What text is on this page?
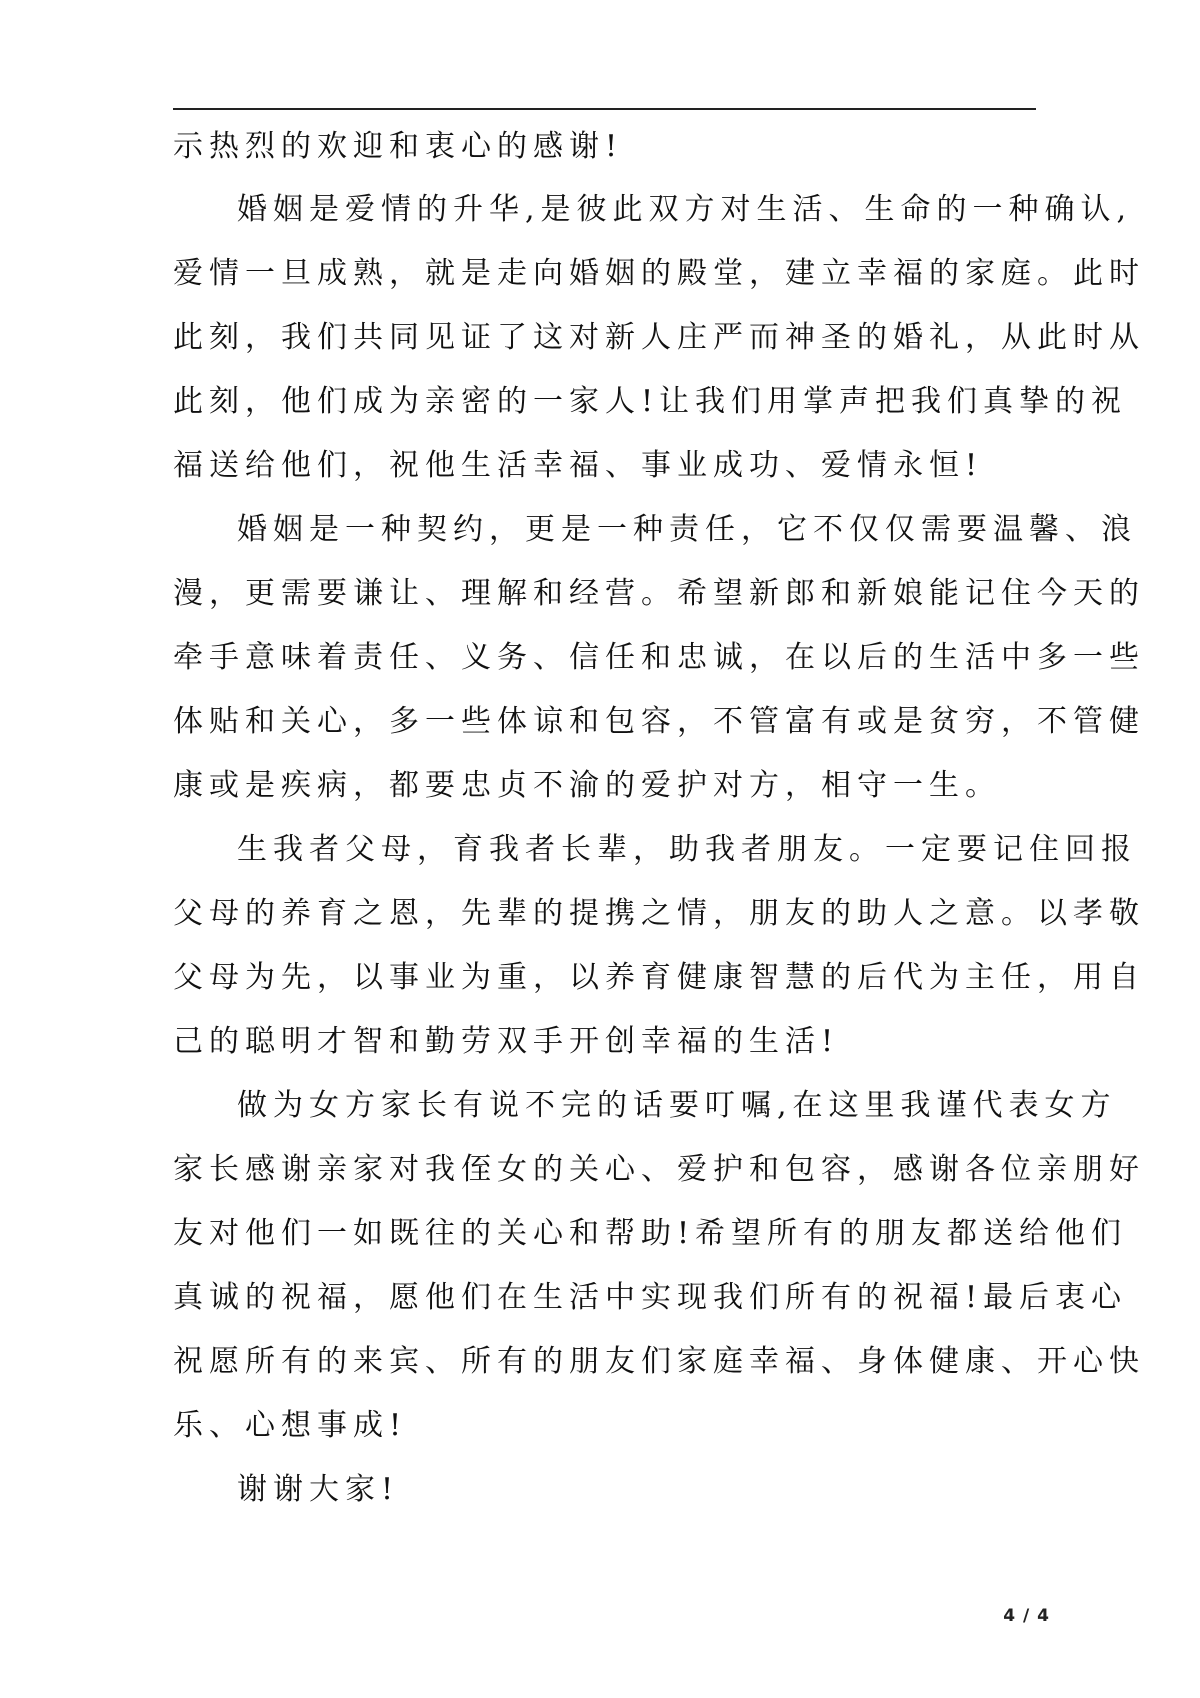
示热烈的欢迎和衷心的感谢!
婚姻是爱情的升华,是彼此双方对生活、生命的一种确认,
爱情一旦成熟，就是走向婚姻的殿堂，建立幸福的家庭。此时
此刻，我们共同见证了这对新人庄严而神圣的婚礼，从此时从
此刻，他们成为亲密的一家人!让我们用掌声把我们真挚的祝
福送给他们，祝他生活幸福、事业成功、爱情永恒!
婚姻是一种契约，更是一种责任，它不仅仅需要温馨、浪
漫，更需要谦让、理解和经营。希望新郎和新娘能记住今天的
牵手意味着责任、义务、信任和忠诚，在以后的生活中多一些
体贴和关心，多一些体谅和包容，不管富有或是贫穷，不管健
康或是疾病，都要忠贞不渝的爱护对方，相守一生。
生我者父母，育我者长辈，助我者朋友。一定要记住回报
父母的养育之恩，先辈的提携之情，朋友的助人之意。以孝敬
父母为先，以事业为重，以养育健康智慧的后代为主任，用自
己的聪明才智和勤劳双手开创幸福的生活!
做为女方家长有说不完的话要叮嘱,在这里我谨代表女方
家长感谢亲家对我侄女的关心、爱护和包容，感谢各位亲朋好
友对他们一如既往的关心和帮助!希望所有的朋友都送给他们
真诚的祝福，愿他们在生活中实现我们所有的祝福!最后衷心
祝愿所有的来宾、所有的朋友们家庭幸福、身体健康、开心快
乐、心想事成!
谢谢大家!
4 / 4
